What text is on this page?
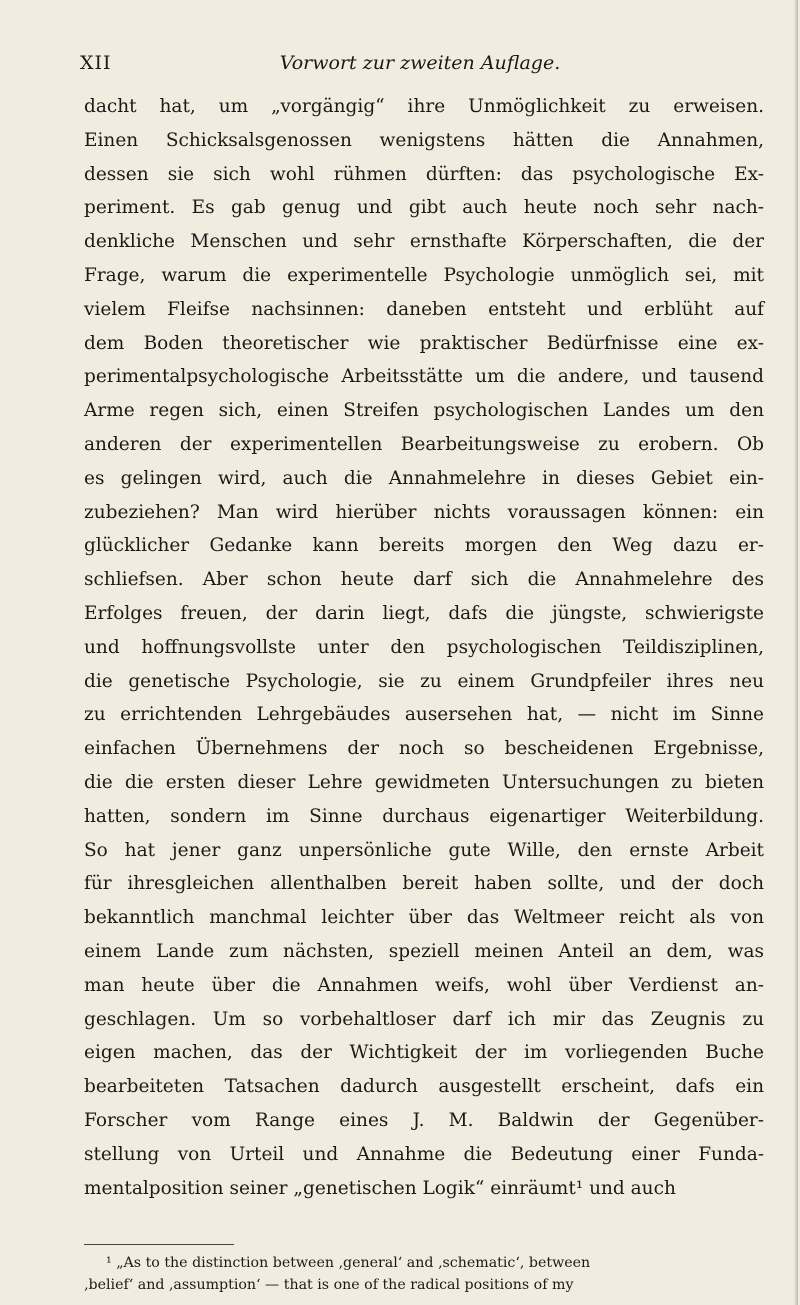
XII	Vorwort zur zweiten Auflage.
dacht hat, um „vorgängig“ ihre Unmöglichkeit zu erweisen.
Einen Schicksalsgenossen wenigstens hätten die Annahmen,
dessen sie sich wohl rühmen dürften: das psychologische Ex-
periment. Es gab genug und gibt auch heute noch sehr nach-
denkliche Menschen und sehr ernsthafte Körperschaften, die der
Frage, warum die experimentelle Psychologie unmöglich sei, mit
vielem Fleifse nachsinnen: daneben entsteht und erblüht auf
dem Boden theoretischer wie praktischer Bedürfnisse eine ex-
perimentalpsychologische Arbeitsstätte um die andere, und tausend
Arme regen sich, einen Streifen psychologischen Landes um den
anderen der experimentellen Bearbeitungsweise zu erobern. Ob
es gelingen wird, auch die Annahmelehre in dieses Gebiet ein-
zubeziehen? Man wird hierüber nichts voraussagen können: ein
glücklicher Gedanke kann bereits morgen den Weg dazu er-
schliefsen. Aber schon heute darf sich die Annahmelehre des
Erfolges freuen, der darin liegt, dafs die jüngste, schwierigste
und hoffnungsvollste unter den psychologischen Teildisziplinen,
die genetische Psychologie, sie zu einem Grundpfeiler ihres neu
zu errichtenden Lehrgebäudes ausersehen hat, — nicht im Sinne
einfachen Übernehmens der noch so bescheidenen Ergebnisse,
die die ersten dieser Lehre gewidmeten Untersuchungen zu bieten
hatten, sondern im Sinne durchaus eigenartiger Weiterbildung.
So hat jener ganz unpersönliche gute Wille, den ernste Arbeit
für ihresgleichen allenthalben bereit haben sollte, und der doch
bekanntlich manchmal leichter über das Weltmeer reicht als von
einem Lande zum nächsten, speziell meinen Anteil an dem, was
man heute über die Annahmen weifs, wohl über Verdienst an-
geschlagen. Um so vorbehaltloser darf ich mir das Zeugnis zu
eigen machen, das der Wichtigkeit der im vorliegenden Buche
bearbeiteten Tatsachen dadurch ausgestellt erscheint, dafs ein
Forscher vom Range eines J. M. Baldwin der Gegenüber-
stellung von Urteil und Annahme die Bedeutung einer Funda-
mentalposition seiner „genetischen Logik“ einräumt¹ und auch
¹ „As to the distinction between ‚general‘ and ‚schematic‘, between
‚belief‘ and ‚assumption‘ — that is one of the radical positions of my
